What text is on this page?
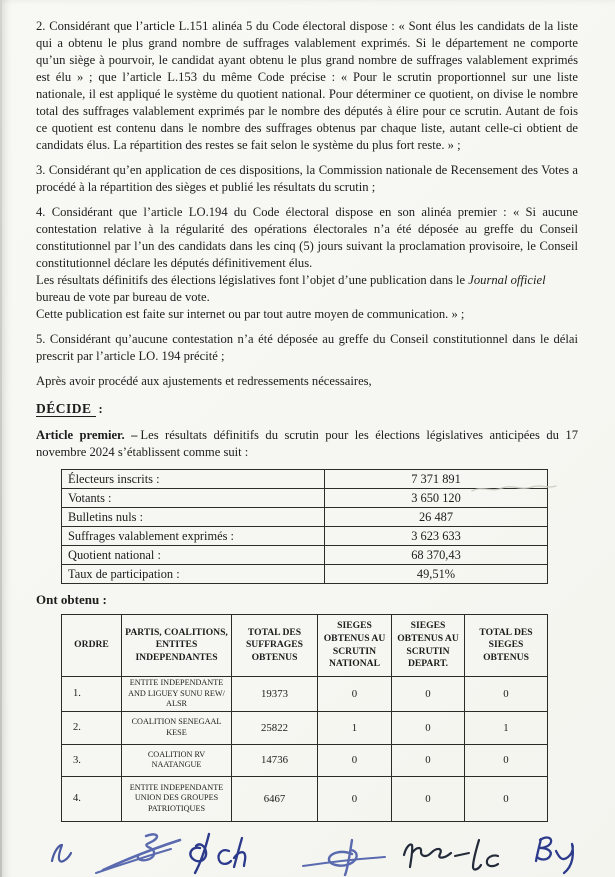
2. Considérant que l’article L.151 alinéa 5 du Code électoral dispose : « Sont élus les candidats de la liste qui a obtenu le plus grand nombre de suffrages valablement exprimés. Si le département ne comporte qu’un siège à pourvoir, le candidat ayant obtenu le plus grand nombre de suffrages valablement exprimés est élu » ; que l’article L.153 du même Code précise : « Pour le scrutin proportionnel sur une liste nationale, il est appliqué le système du quotient national. Pour déterminer ce quotient, on divise le nombre total des suffrages valablement exprimés par le nombre des députés à élire pour ce scrutin. Autant de fois ce quotient est contenu dans le nombre des suffrages obtenus par chaque liste, autant celle-ci obtient de candidats élus. La répartition des restes se fait selon le système du plus fort reste. » ;

3. Considérant qu’en application de ces dispositions, la Commission nationale de Recensement des Votes a procédé à la répartition des sièges et publié les résultats du scrutin ;

4. Considérant que l’article LO.194 du Code électoral dispose en son alinéa premier : « Si aucune contestation relative à la régularité des opérations électorales n’a été déposée au greffe du Conseil constitutionnel par l’un des candidats dans les cinq (5) jours suivant la proclamation provisoire, le Conseil constitutionnel déclare les députés définitivement élus.
Les résultats définitifs des élections législatives font l’objet d’une publication dans le Journal officiel
bureau de vote par bureau de vote.
Cette publication est faite sur internet ou par tout autre moyen de communication. » ;

5. Considérant qu’aucune contestation n’a été déposée au greffe du Conseil constitutionnel dans le délai prescrit par l’article LO. 194 précité ;

Après avoir procédé aux ajustements et redressements nécessaires,

DÉCIDE :

Article premier. – Les résultats définitifs du scrutin pour les élections législatives anticipées du 17 novembre 2024 s’établissent comme suit :

Électeurs inscrits :	7 371 891
Votants :	3 650 120
Bulletins nuls :	26 487
Suffrages valablement exprimés :	3 623 633
Quotient national :	68 370,43
Taux de participation :	49,51%

Ont obtenu :

ORDRE	PARTIS, COALITIONS, ENTITES INDEPENDANTES	TOTAL DES SUFFRAGES OBTENUS	SIEGES OBTENUS AU SCRUTIN NATIONAL	SIEGES OBTENUS AU SCRUTIN DEPART.	TOTAL DES SIEGES OBTENUS
1.	ENTITE INDEPENDANTE AND LIGUEY SUNU REW/ ALSR	19373	0	0	0
2.	COALITION SENEGAAL KESE	25822	1	0	1
3.	COALITION RV NAATANGUE	14736	0	0	0
4.	ENTITE INDEPENDANTE UNION DES GROUPES PATRIOTIQUES	6467	0	0	0
